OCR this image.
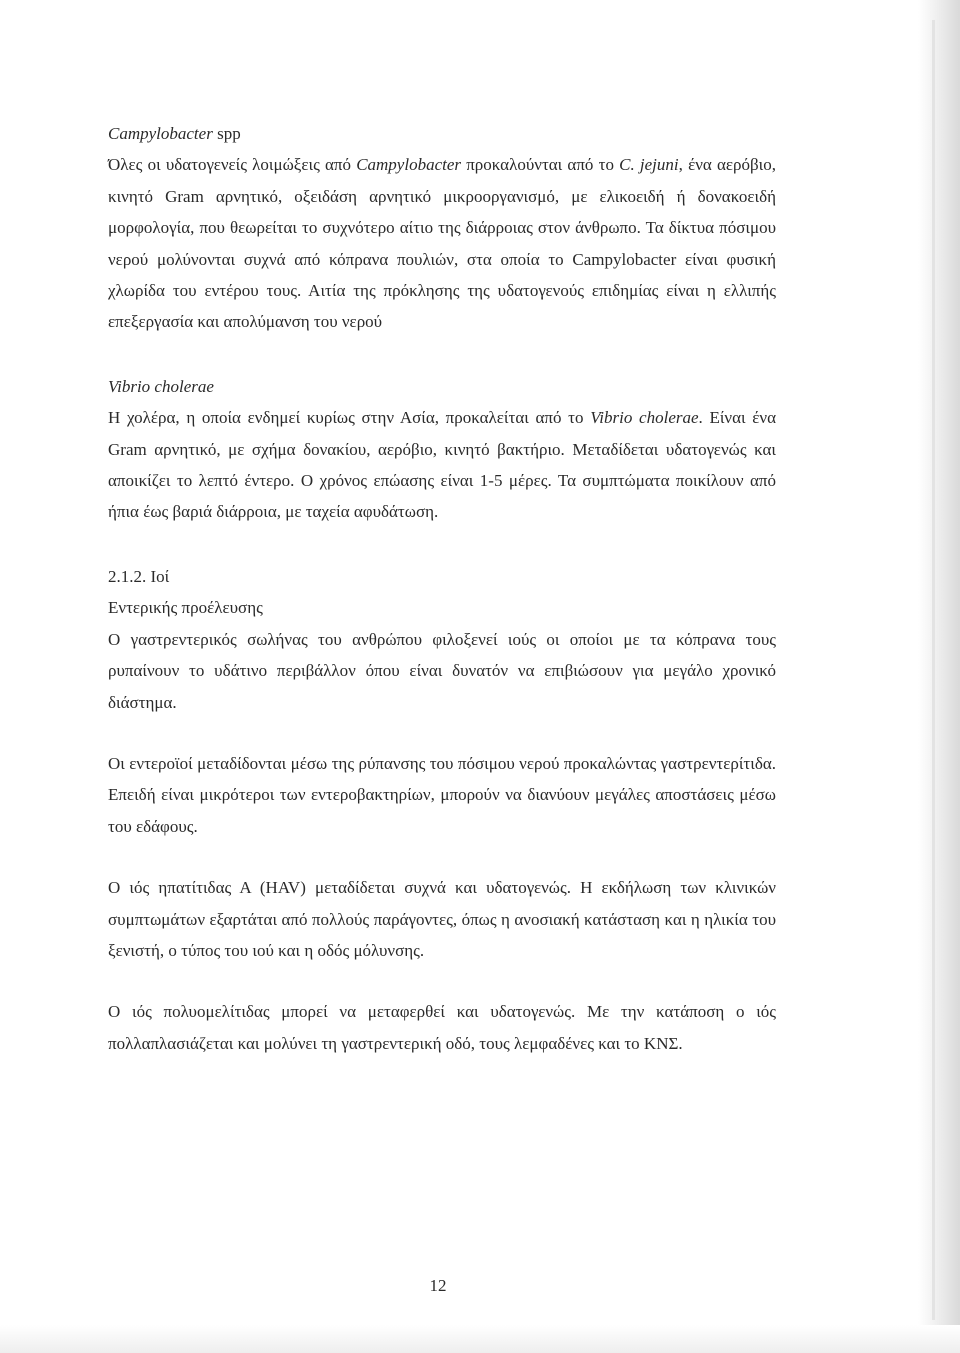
Campylobacter spp

Όλες οι υδατογενείς λοιμώξεις από Campylobacter προκαλούνται από το C. jejuni, ένα αερόβιο, κινητό Gram αρνητικό, οξειδάση αρνητικό μικροοργανισμό, με ελικοειδή ή δονακοειδή μορφολογία, που θεωρείται το συχνότερο αίτιο της διάρροιας στον άνθρωπο. Τα δίκτυα πόσιμου νερού μολύνονται συχνά από κόπρανα πουλιών, στα οποία το Campylobacter είναι φυσική χλωρίδα του εντέρου τους. Αιτία της πρόκλησης της υδατογενούς επιδημίας είναι η ελλιπής επεξεργασία και απολύμανση του νερού

Vibrio cholerae

Η χολέρα, η οποία ενδημεί κυρίως στην Ασία, προκαλείται από το Vibrio cholerae. Είναι ένα Gram αρνητικό, με σχήμα δονακίου, αερόβιο, κινητό βακτήριο. Μεταδίδεται υδατογενώς και αποικίζει το λεπτό έντερο. Ο χρόνος επώασης είναι 1-5 μέρες. Τα συμπτώματα ποικίλουν από ήπια έως βαριά διάρροια, με ταχεία αφυδάτωση.

2.1.2. Ιοί
Εντερικής προέλευσης

Ο γαστρεντερικός σωλήνας του ανθρώπου φιλοξενεί ιούς οι οποίοι με τα κόπρανα τους ρυπαίνουν το υδάτινο περιβάλλον όπου είναι δυνατόν να επιβιώσουν για μεγάλο χρονικό διάστημα.

Οι εντεροϊοί μεταδίδονται μέσω της ρύπανσης του πόσιμου νερού προκαλώντας γαστρεντερίτιδα. Επειδή είναι μικρότεροι των εντεροβακτηρίων, μπορούν να διανύουν μεγάλες αποστάσεις μέσω του εδάφους.

Ο ιός ηπατίτιδας Α (HAV) μεταδίδεται συχνά και υδατογενώς. Η εκδήλωση των κλινικών συμπτωμάτων εξαρτάται από πολλούς παράγοντες, όπως η ανοσιακή κατάσταση και η ηλικία του ξενιστή, ο τύπος του ιού και η οδός μόλυνσης.

Ο ιός πολυομελίτιδας μπορεί να μεταφερθεί και υδατογενώς. Με την κατάποση ο ιός πολλαπλασιάζεται και μολύνει τη γαστρεντερική οδό, τους λεμφαδένες και το ΚΝΣ.

12
